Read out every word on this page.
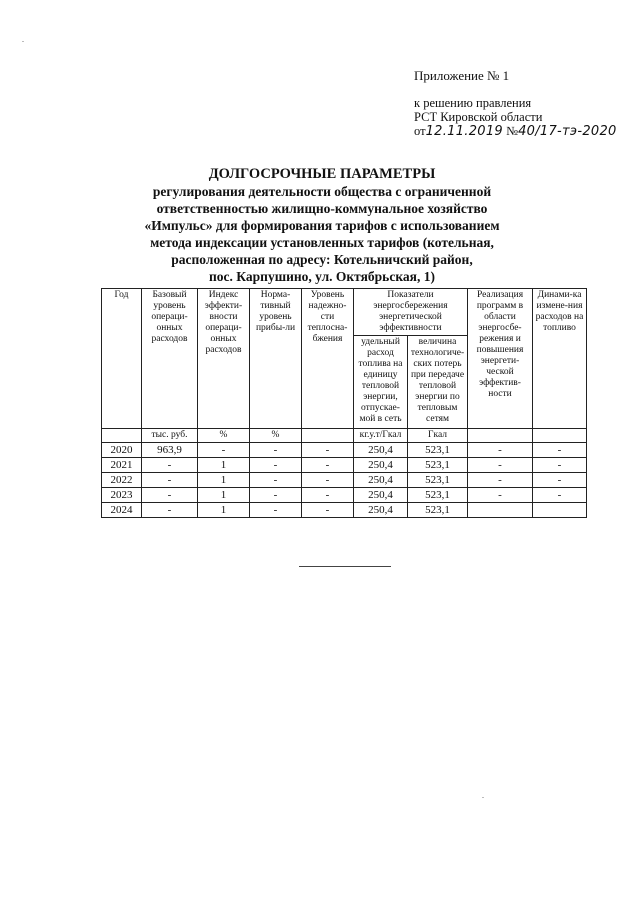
Приложение № 1
к решению правления
РСТ Кировской области
от12.11.2019 №40/17-тэ-2020
ДОЛГОСРОЧНЫЕ ПАРАМЕТРЫ
регулирования деятельности общества с ограниченной
ответственностью жилищно-коммунальное хозяйство
«Импульс» для формирования тарифов с использованием
метода индексации установленных тарифов (котельная,
расположенная по адресу: Котельничский район,
пос. Карпушино, ул. Октябрьская, 1)
Год	Базовый уровень операци-онных расходов	Индекс эффекти-вности операци-онных расходов	Норма-тивный уровень прибы-ли	Уровень надежно-сти теплосна-бжения	Показатели энергосбережения энергетической эффективности		Реализация программ в области энергосбе-режения и повышения энергети-ческой эффектив-ности	Динами-ка измене-ния расходов на топливо
					удельный расход топлива на единицу тепловой энергии, отпускае-мой в сеть	величина технологиче-ских потерь при передаче тепловой энергии по тепловым сетям		
	тыс. руб.	%	%		кг.у.т/Гкал	Гкал		
2020	963,9	-	-	-	250,4	523,1	-	-
2021	-	1	-	-	250,4	523,1	-	-
2022	-	1	-	-	250,4	523,1	-	-
2023	-	1	-	-	250,4	523,1	-	-
2024	-	1	-	-	250,4	523,1		
